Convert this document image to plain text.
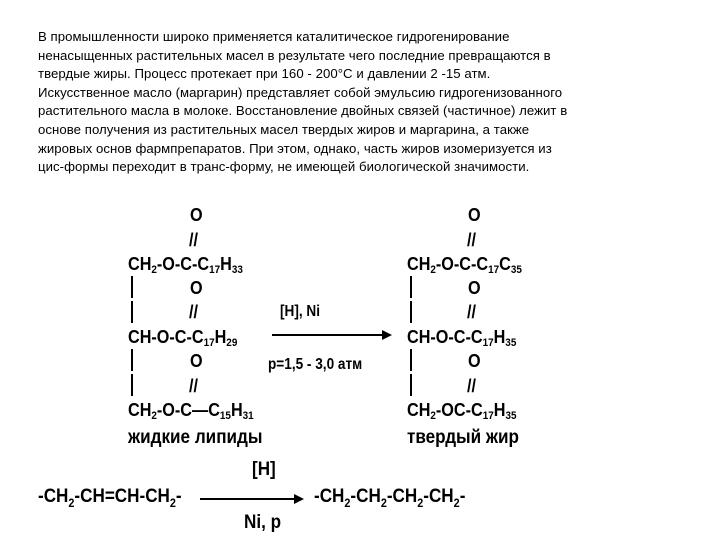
В промышленности широко применяется каталитическое гидрогенирование
ненасыщенных растительных масел в результате чего последние превращаются в
твердые жиры. Процесс протекает при 160 - 200°С и давлении 2 -15 атм.
Искусственное масло (маргарин) представляет собой эмульсию гидрогенизованного
растительного масла в молоке. Восстановление двойных связей (частичное) лежит в
основе получения из растительных масел твердых жиров и маргарина, а также
жировых основ фармпрепаратов. При этом, однако, часть жиров изомеризуется из
цис-формы переходит в транс-форму, не имеющей биологической значимости.
O
//
$CH_2-O-C-C_{17}H_{33}$
O
//
$CH-O-C-C_{17}H_{29}$
O
//
$CH_2-O-C—C_{15}H_{31}$
жидкие липиды
[H], Ni
p=1,5 - 3,0 атм
O
//
$CH_2-O-C-C_{17}C_{35}$
O
//
$CH-O-C-C_{17}H_{35}$
O
//
$CH_2-OC-C_{17}H_{35}$
твердый жир
[H]
$-CH_2-CH=CH-CH_2-$	$-CH_2-CH_2-CH_2-CH_2-$
Ni, p
